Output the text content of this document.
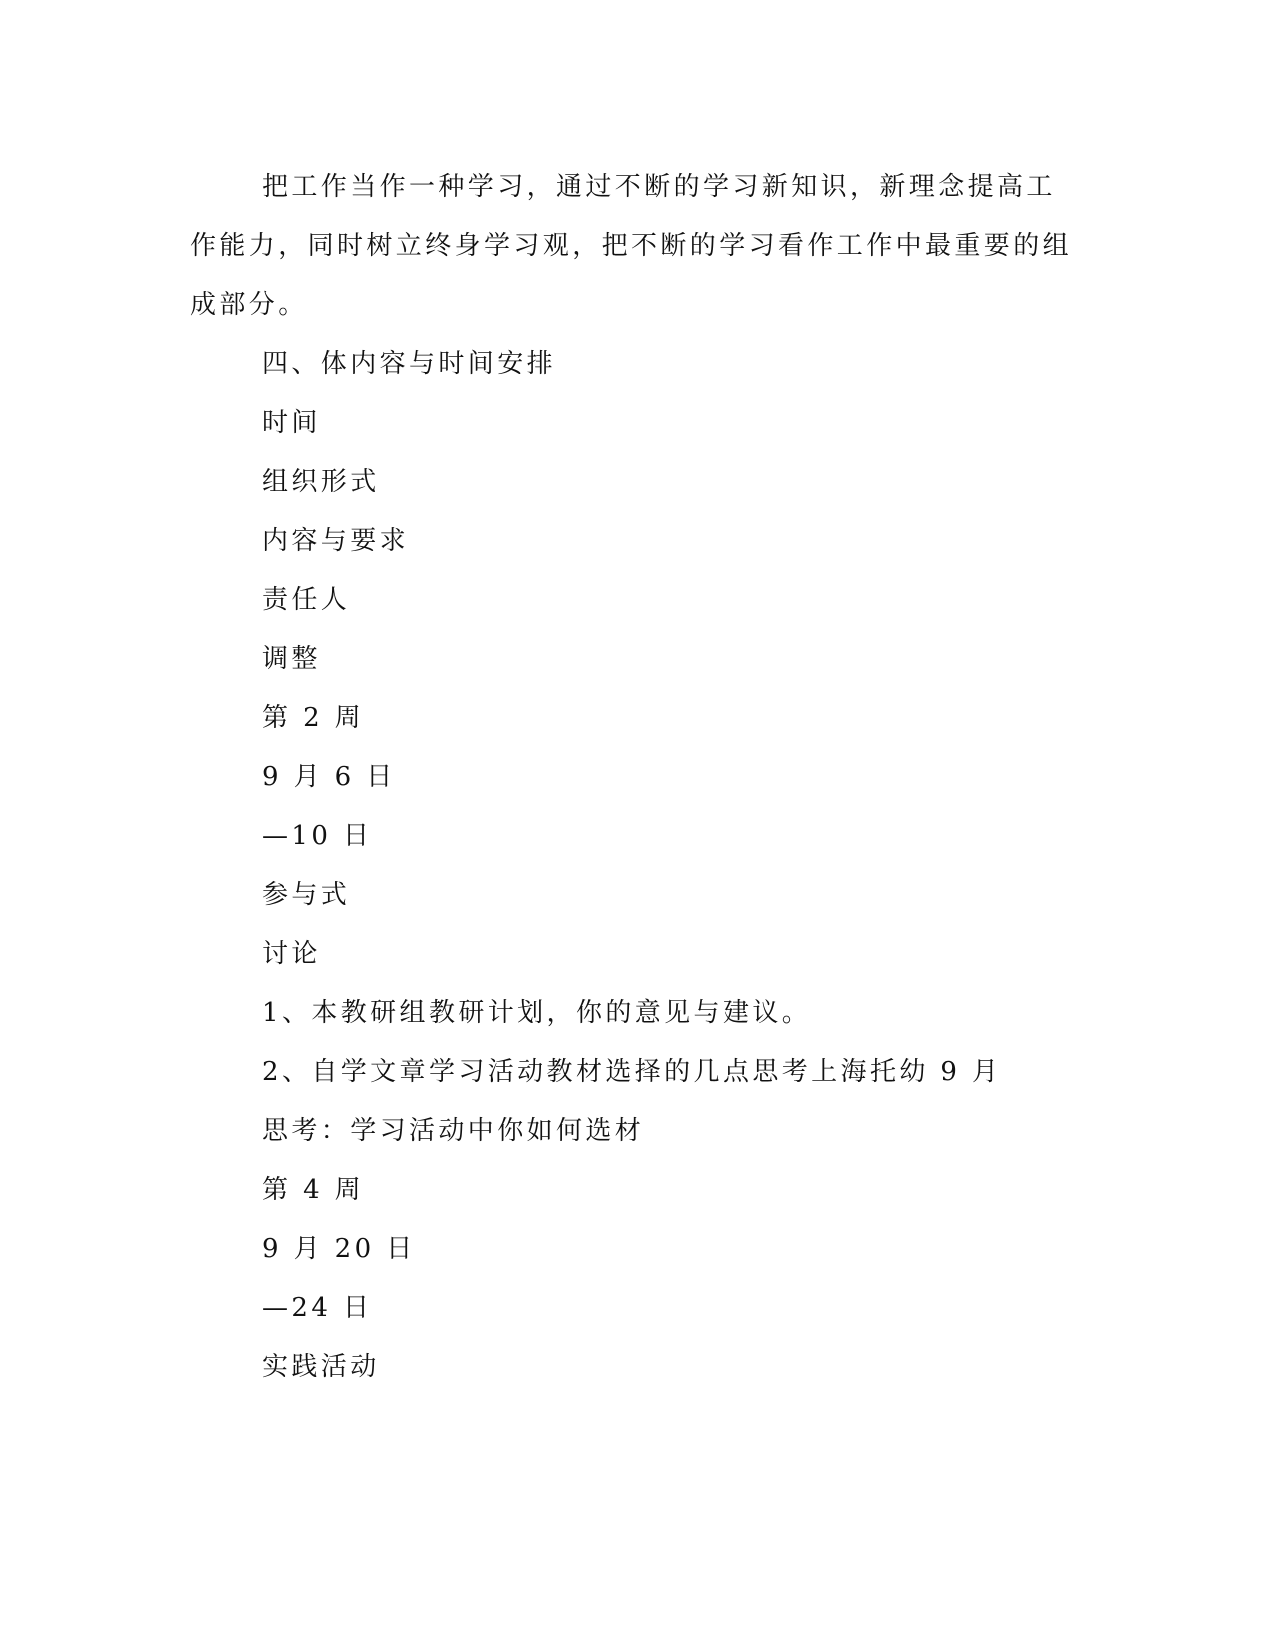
把工作当作一种学习，通过不断的学习新知识，新理念提高工作能力，同时树立终身学习观，把不断的学习看作工作中最重要的组成部分。

四、体内容与时间安排

时间

组织形式

内容与要求

责任人

调整

第 2 周

9 月 6 日

—10 日

参与式

讨论

1、本教研组教研计划，你的意见与建议。

2、自学文章学习活动教材选择的几点思考上海托幼 9 月

思考：学习活动中你如何选材

第 4 周

9 月 20 日

—24 日

实践活动
